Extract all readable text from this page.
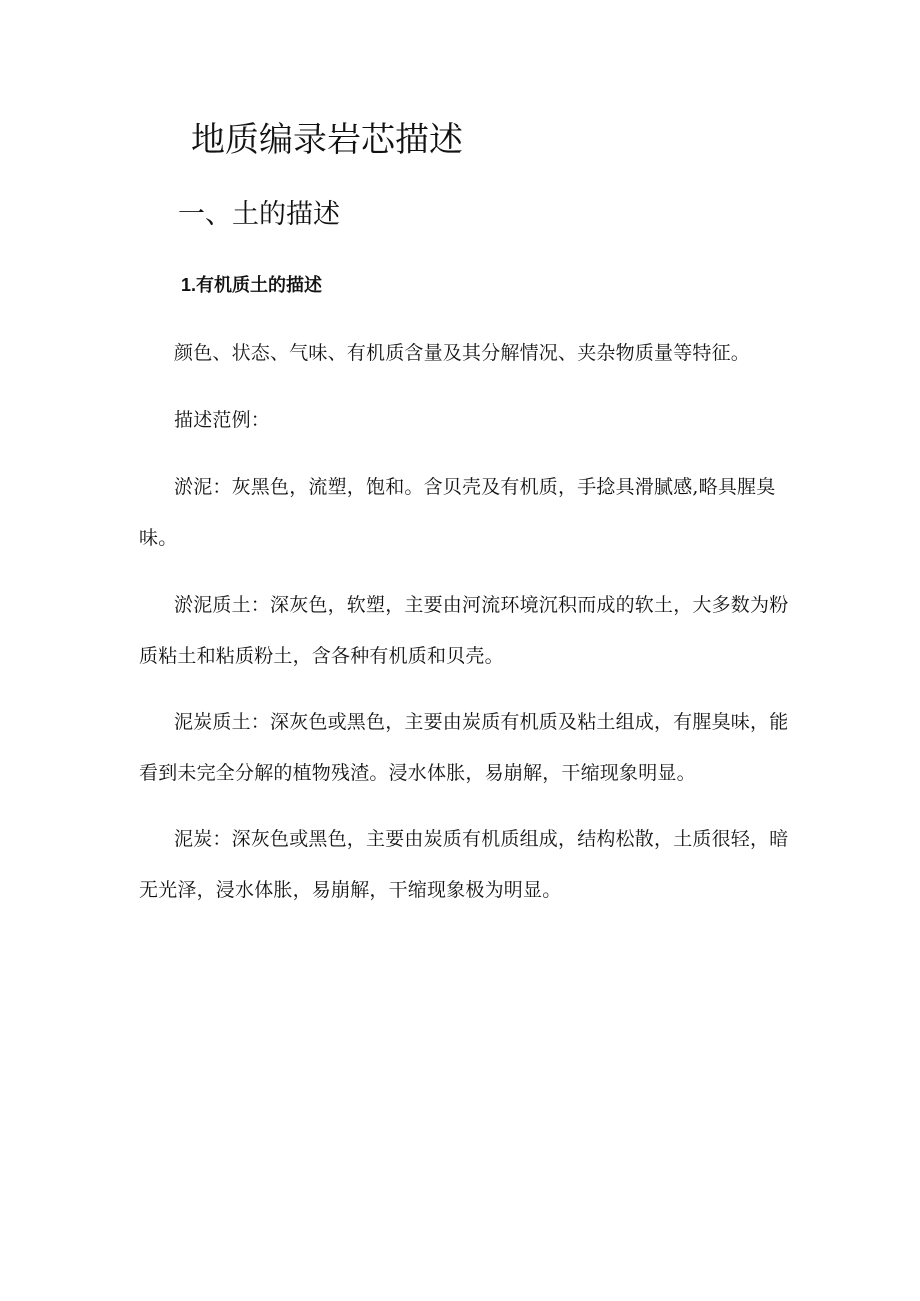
地质编录岩芯描述
一、土的描述
1.有机质土的描述

颜色、状态、气味、有机质含量及其分解情况、夹杂物质量等特征。

描述范例：

淤泥：灰黑色，流塑，饱和。含贝壳及有机质，手捻具滑腻感,略具腥臭味。

淤泥质土：深灰色，软塑，主要由河流环境沉积而成的软土，大多数为粉质粘土和粘质粉土，含各种有机质和贝壳。

泥炭质土：深灰色或黑色，主要由炭质有机质及粘土组成，有腥臭味，能看到未完全分解的植物残渣。浸水体胀，易崩解，干缩现象明显。

泥炭：深灰色或黑色，主要由炭质有机质组成，结构松散，土质很轻，暗无光泽，浸水体胀，易崩解，干缩现象极为明显。
